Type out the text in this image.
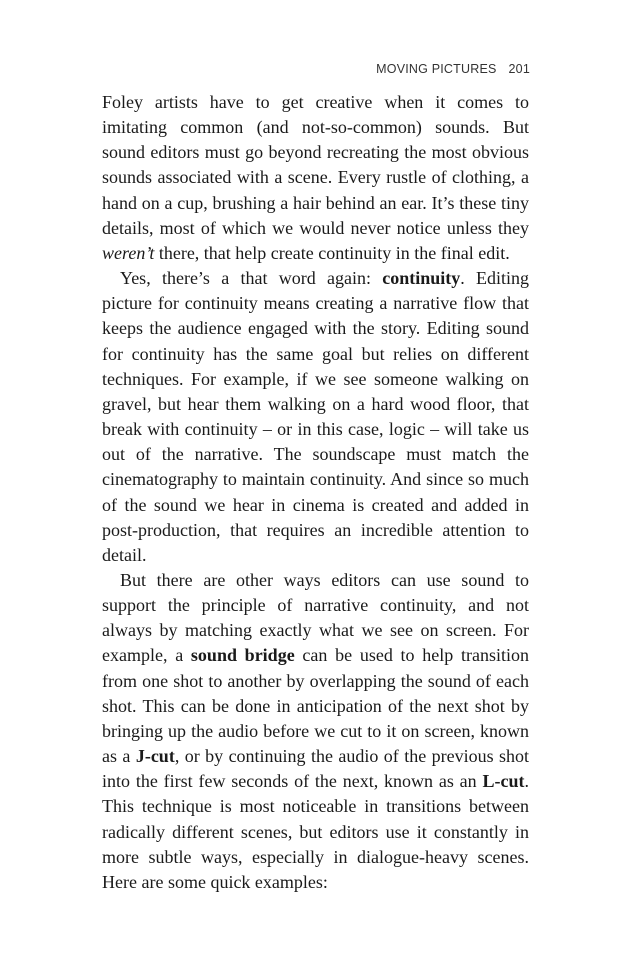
MOVING PICTURES 201

Foley artists have to get creative when it comes to imitating common (and not-so-common) sounds. But sound editors must go beyond recreating the most obvious sounds associated with a scene. Every rustle of clothing, a hand on a cup, brushing a hair behind an ear. It’s these tiny details, most of which we would never notice unless they weren’t there, that help create continuity in the final edit.

Yes, there’s a that word again: continuity. Editing picture for continuity means creating a narrative flow that keeps the audience engaged with the story. Editing sound for continuity has the same goal but relies on different techniques. For example, if we see someone walking on gravel, but hear them walking on a hard wood floor, that break with continuity – or in this case, logic – will take us out of the narrative. The soundscape must match the cinematography to maintain continuity. And since so much of the sound we hear in cinema is created and added in post-production, that requires an incredible attention to detail.

But there are other ways editors can use sound to support the principle of narrative continuity, and not always by matching exactly what we see on screen. For example, a sound bridge can be used to help transition from one shot to another by overlapping the sound of each shot. This can be done in anticipation of the next shot by bringing up the audio before we cut to it on screen, known as a J-cut, or by continuing the audio of the previous shot into the first few seconds of the next, known as an L-cut. This technique is most noticeable in transitions between radically different scenes, but editors use it constantly in more subtle ways, especially in dialogue-heavy scenes. Here are some quick examples:
